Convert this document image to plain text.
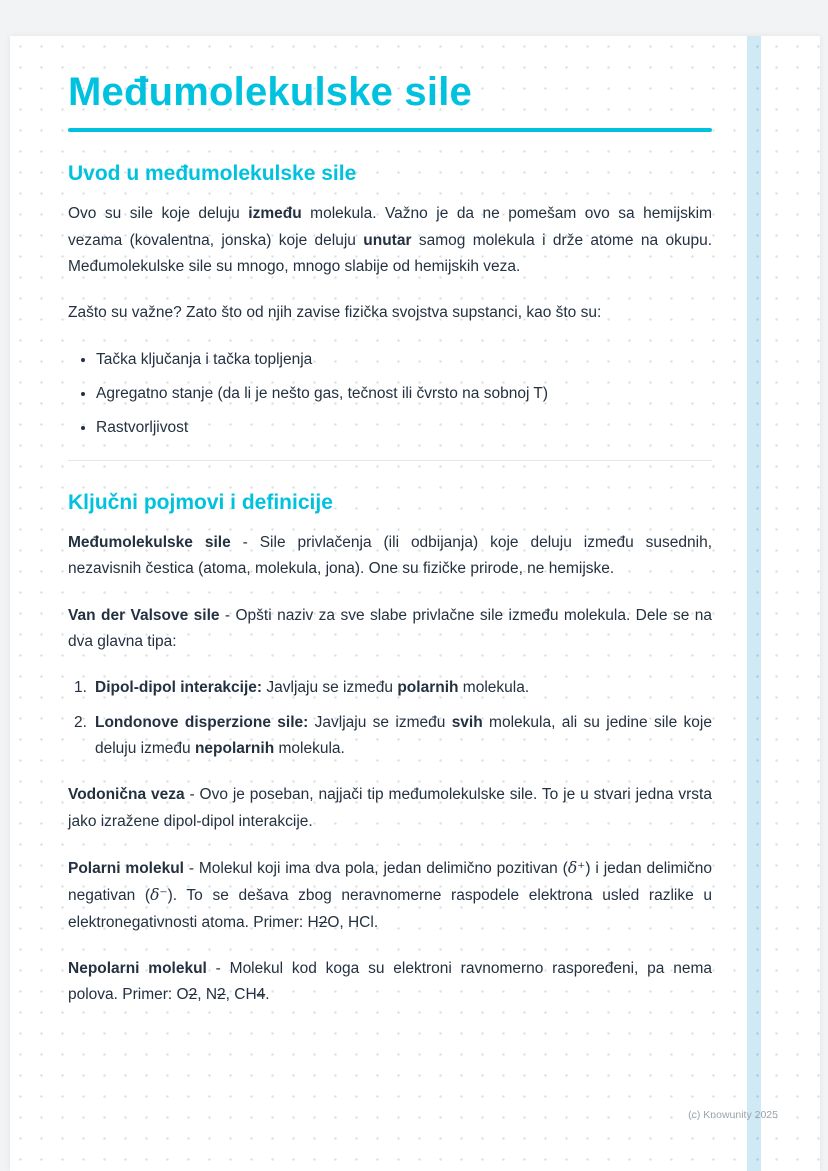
Međumolekulske sile
Uvod u međumolekulske sile

Ovo su sile koje deluju između molekula. Važno je da ne pomešam ovo sa hemijskim vezama (kovalentna, jonska) koje deluju unutar samog molekula i drže atome na okupu. Međumolekulske sile su mnogo, mnogo slabije od hemijskih veza.

Zašto su važne? Zato što od njih zavise fizička svojstva supstanci, kao što su:

• Tačka ključanja i tačka topljenja
• Agregatno stanje (da li je nešto gas, tečnost ili čvrsto na sobnoj T)
• Rastvorljivost
Ključni pojmovi i definicije

Međumolekulske sile - Sile privlačenja (ili odbijanja) koje deluju između susednih, nezavisnih čestica (atoma, molekula, jona). One su fizičke prirode, ne hemijske.

Van der Valsove sile - Opšti naziv za sve slabe privlačne sile između molekula. Dele se na dva glavna tipa:

1. Dipol-dipol interakcije: Javljaju se između polarnih molekula.
2. Londonove disperzione sile: Javljaju se između svih molekula, ali su jedine sile koje deluju između nepolarnih molekula.

Vodonična veza - Ovo je poseban, najjači tip međumolekulske sile. To je u stvari jedna vrsta jako izražene dipol-dipol interakcije.

Polarni molekul - Molekul koji ima dva pola, jedan delimično pozitivan (δ⁺) i jedan delimično negativan (δ⁻). To se dešava zbog neravnomerne raspodele elektrona usled razlike u elektronegativnosti atoma. Primer: H2O, HCl.

Nepolarni molekul - Molekul kod koga su elektroni ravnomerno raspoređeni, pa nema polova. Primer: O2, N2, CH4.

(c) Knowunity 2025
